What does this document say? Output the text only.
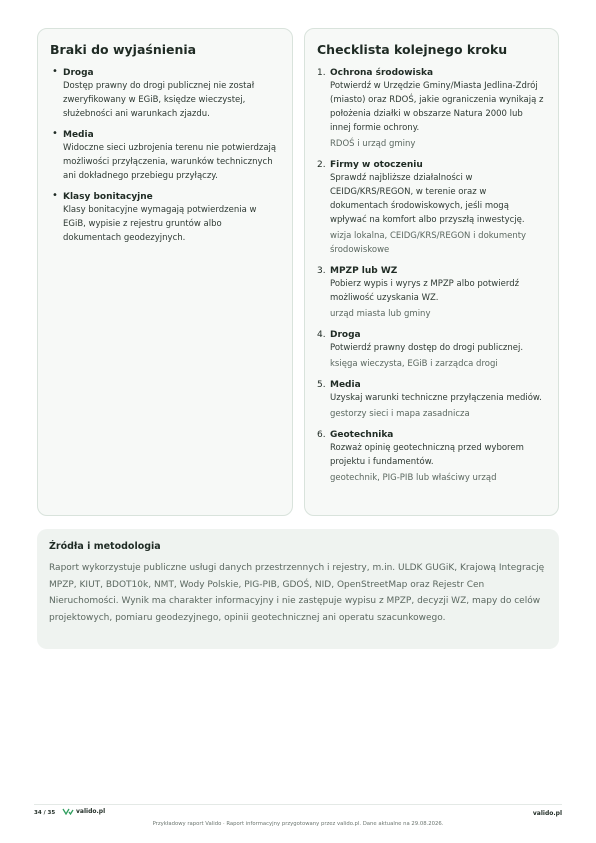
Braki do wyjaśnienia
• Droga
Dostęp prawny do drogi publicznej nie został zweryfikowany w EGiB, księdze wieczystej, służebności ani warunkach zjazdu.
• Media
Widoczne sieci uzbrojenia terenu nie potwierdzają możliwości przyłączenia, warunków technicznych ani dokładnego przebiegu przyłączy.
• Klasy bonitacyjne
Klasy bonitacyjne wymagają potwierdzenia w EGiB, wypisie z rejestru gruntów albo dokumentach geodezyjnych.
Checklista kolejnego kroku
1. Ochrona środowiska
Potwierdź w Urzędzie Gminy/Miasta Jedlina-Zdrój (miasto) oraz RDOŚ, jakie ograniczenia wynikają z położenia działki w obszarze Natura 2000 lub innej formie ochrony.
RDOŚ i urząd gminy
2. Firmy w otoczeniu
Sprawdź najbliższe działalności w CEIDG/KRS/REGON, w terenie oraz w dokumentach środowiskowych, jeśli mogą wpływać na komfort albo przyszłą inwestycję.
wizja lokalna, CEIDG/KRS/REGON i dokumenty środowiskowe
3. MPZP lub WZ
Pobierz wypis i wyrys z MPZP albo potwierdź możliwość uzyskania WZ.
urząd miasta lub gminy
4. Droga
Potwierdź prawny dostęp do drogi publicznej.
księga wieczysta, EGiB i zarządca drogi
5. Media
Uzyskaj warunki techniczne przyłączenia mediów.
gestorzy sieci i mapa zasadnicza
6. Geotechnika
Rozważ opinię geotechniczną przed wyborem projektu i fundamentów.
geotechnik, PIG-PIB lub właściwy urząd
Źródła i metodologia
Raport wykorzystuje publiczne usługi danych przestrzennych i rejestry, m.in. ULDK GUGiK, Krajową Integrację MPZP, KIUT, BDOT10k, NMT, Wody Polskie, PIG-PIB, GDOŚ, NID, OpenStreetMap oraz Rejestr Cen Nieruchomości. Wynik ma charakter informacyjny i nie zastępuje wypisu z MPZP, decyzji WZ, mapy do celów projektowych, pomiaru geodezyjnego, opinii geotechnicznej ani operatu szacunkowego.
34 / 35	valido.pl	valido.pl
Przykładowy raport Valido · Raport informacyjny przygotowany przez valido.pl. Dane aktualne na 29.08.2026.
